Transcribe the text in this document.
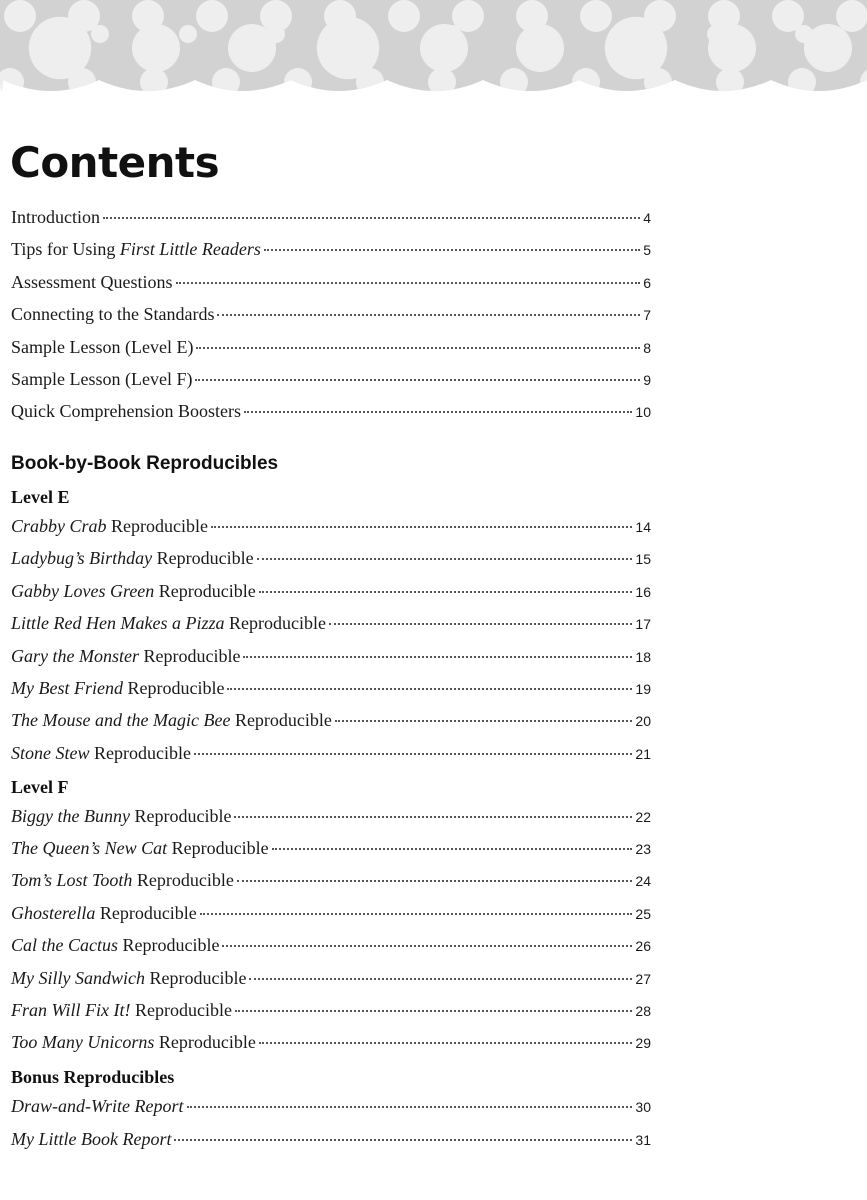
Contents
Introduction	4
Tips for Using First Little Readers	5
Assessment Questions	6
Connecting to the Standards	7
Sample Lesson (Level E)	8
Sample Lesson (Level F)	9
Quick Comprehension Boosters	10
Book-by-Book Reproducibles
Level E
Crabby Crab Reproducible	14
Ladybug’s Birthday Reproducible	15
Gabby Loves Green Reproducible	16
Little Red Hen Makes a Pizza Reproducible	17
Gary the Monster Reproducible	18
My Best Friend Reproducible	19
The Mouse and the Magic Bee Reproducible	20
Stone Stew Reproducible	21
Level F
Biggy the Bunny Reproducible	22
The Queen’s New Cat Reproducible	23
Tom’s Lost Tooth Reproducible	24
Ghosterella Reproducible	25
Cal the Cactus Reproducible	26
My Silly Sandwich Reproducible	27
Fran Will Fix It! Reproducible	28
Too Many Unicorns Reproducible	29
Bonus Reproducibles
Draw-and-Write Report	30
My Little Book Report	31
